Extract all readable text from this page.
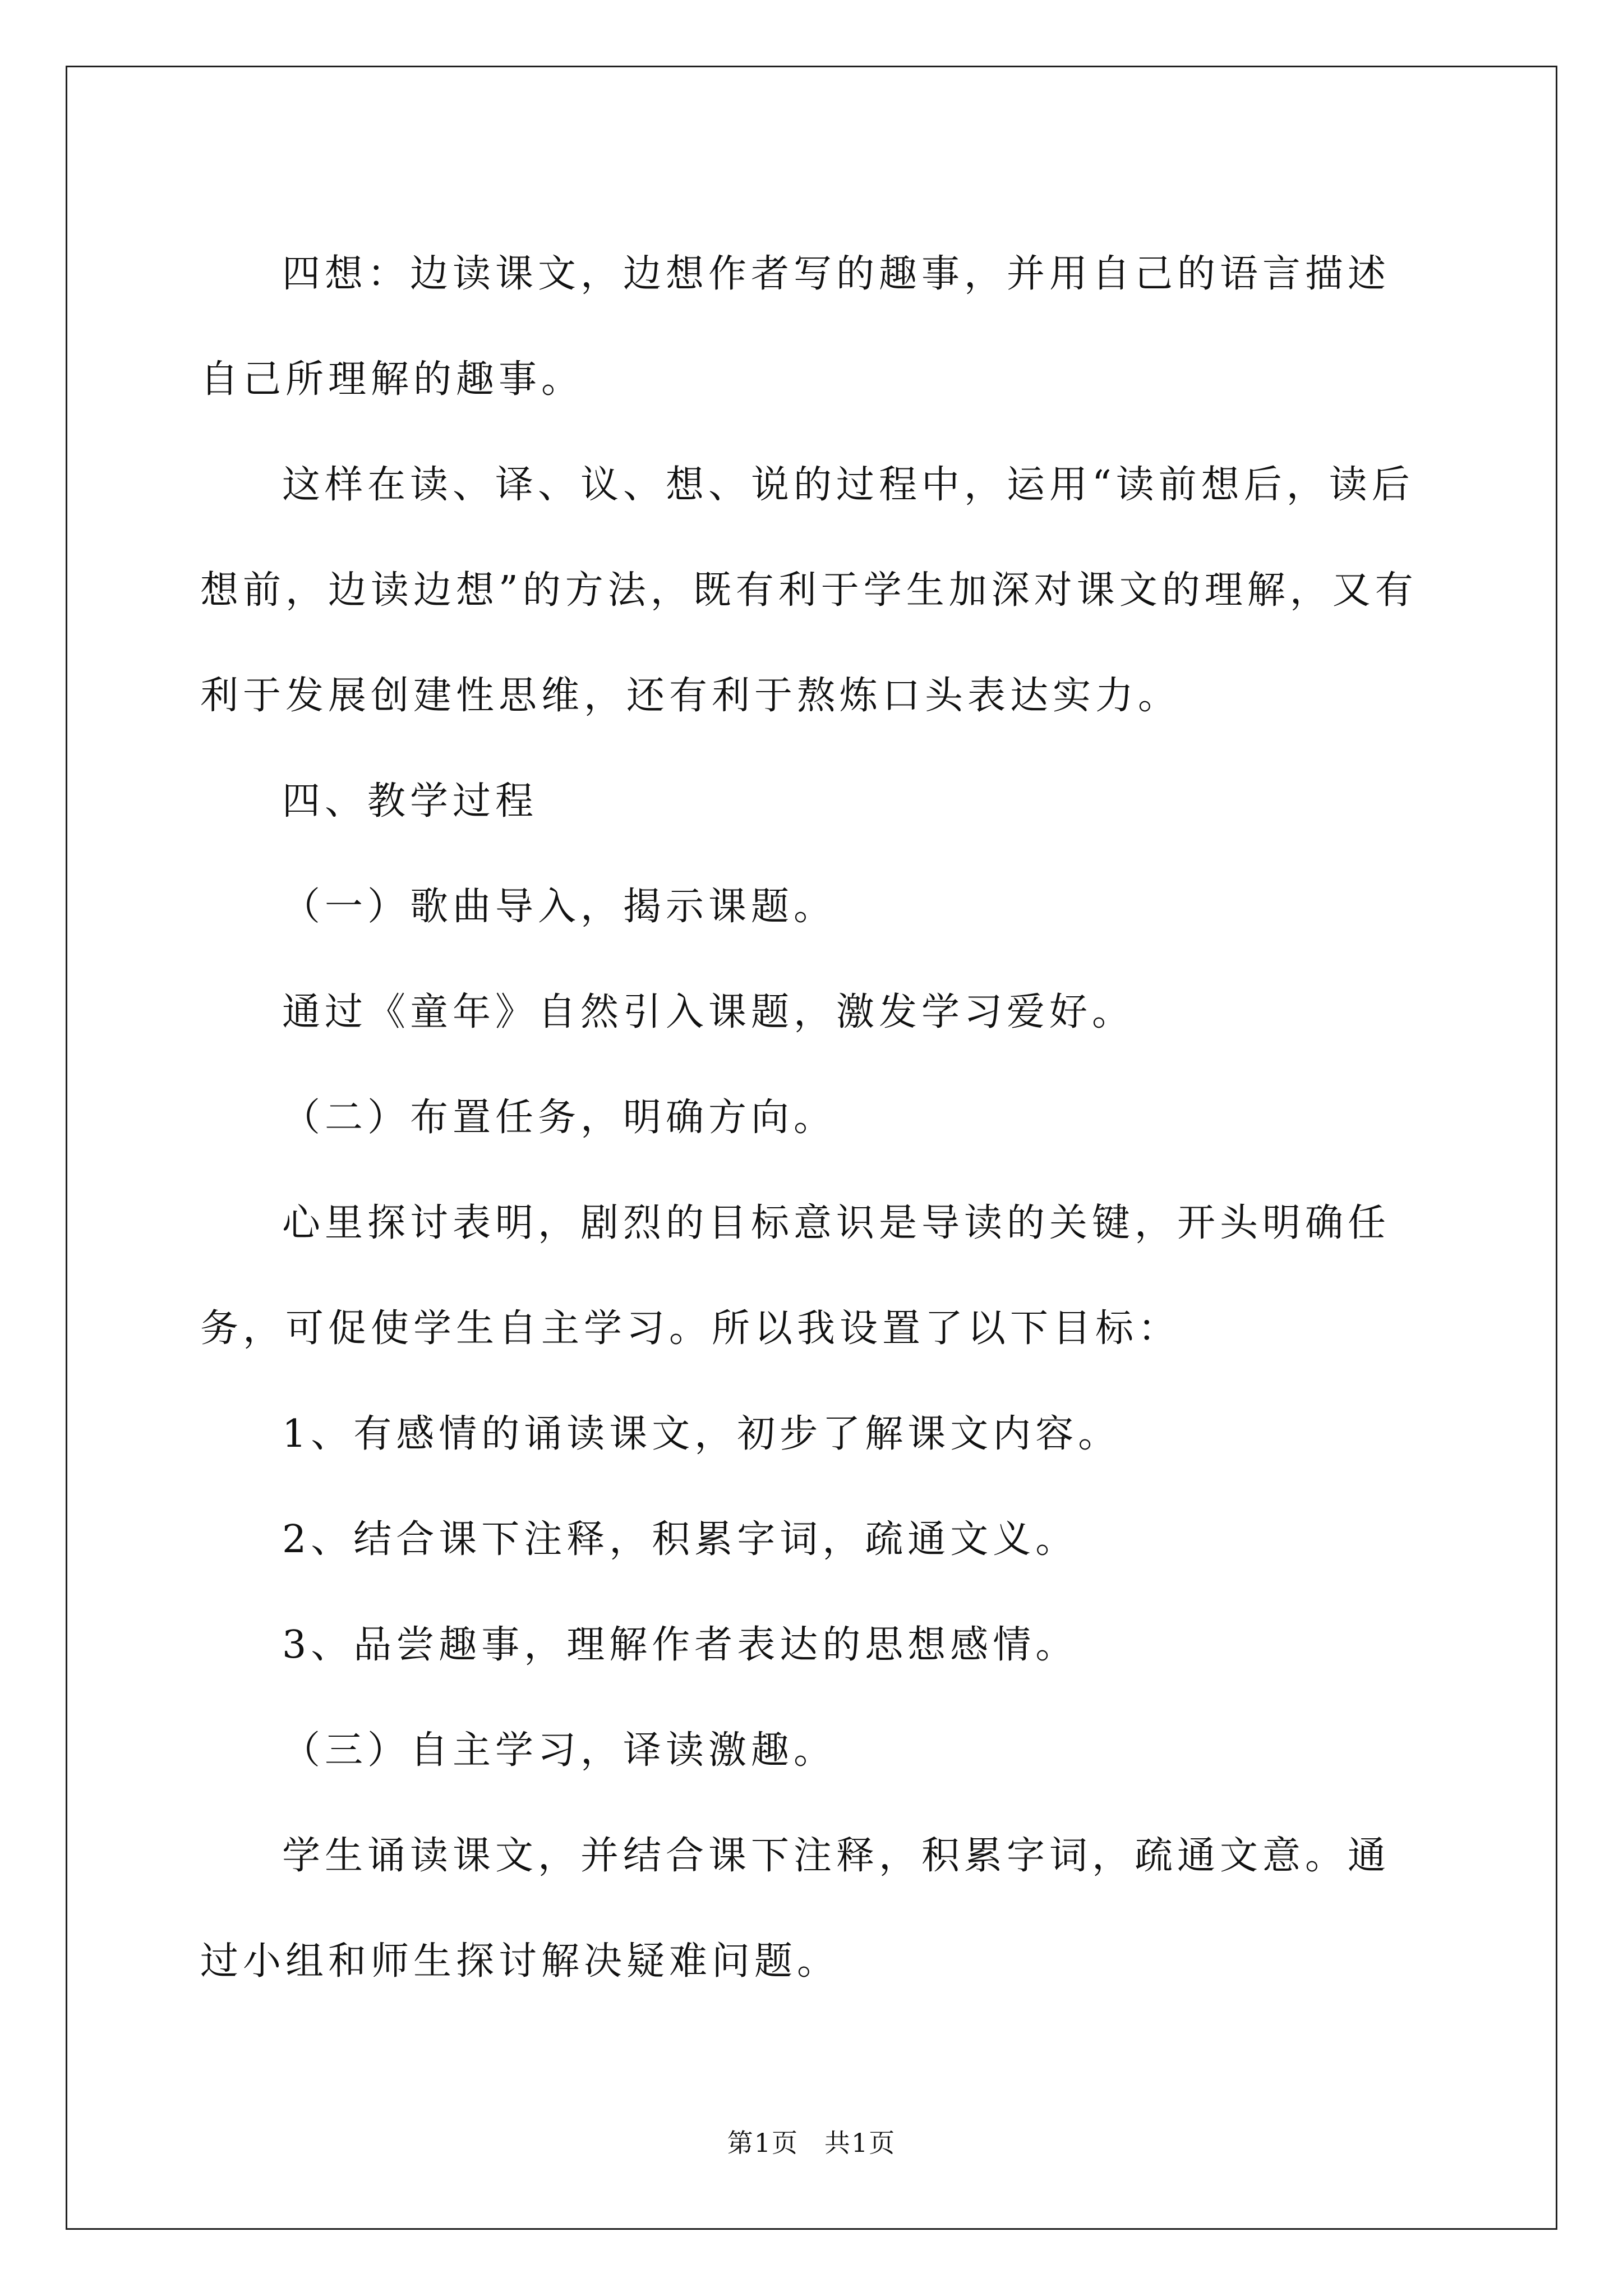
四想：边读课文，边想作者写的趣事，并用自己的语言描述自己所理解的趣事。

这样在读、译、议、想、说的过程中，运用“读前想后，读后想前，边读边想”的方法，既有利于学生加深对课文的理解，又有利于发展创建性思维，还有利于熬炼口头表达实力。

四、教学过程

（一）歌曲导入，揭示课题。

通过《童年》自然引入课题，激发学习爱好。

（二）布置任务，明确方向。

心里探讨表明，剧烈的目标意识是导读的关键，开头明确任务，可促使学生自主学习。所以我设置了以下目标：

1、有感情的诵读课文，初步了解课文内容。

2、结合课下注释，积累字词，疏通文义。

3、品尝趣事，理解作者表达的思想感情。

（三）自主学习，译读激趣。

学生诵读课文，并结合课下注释，积累字词，疏通文意。通过小组和师生探讨解决疑难问题。

第1页 共1页
